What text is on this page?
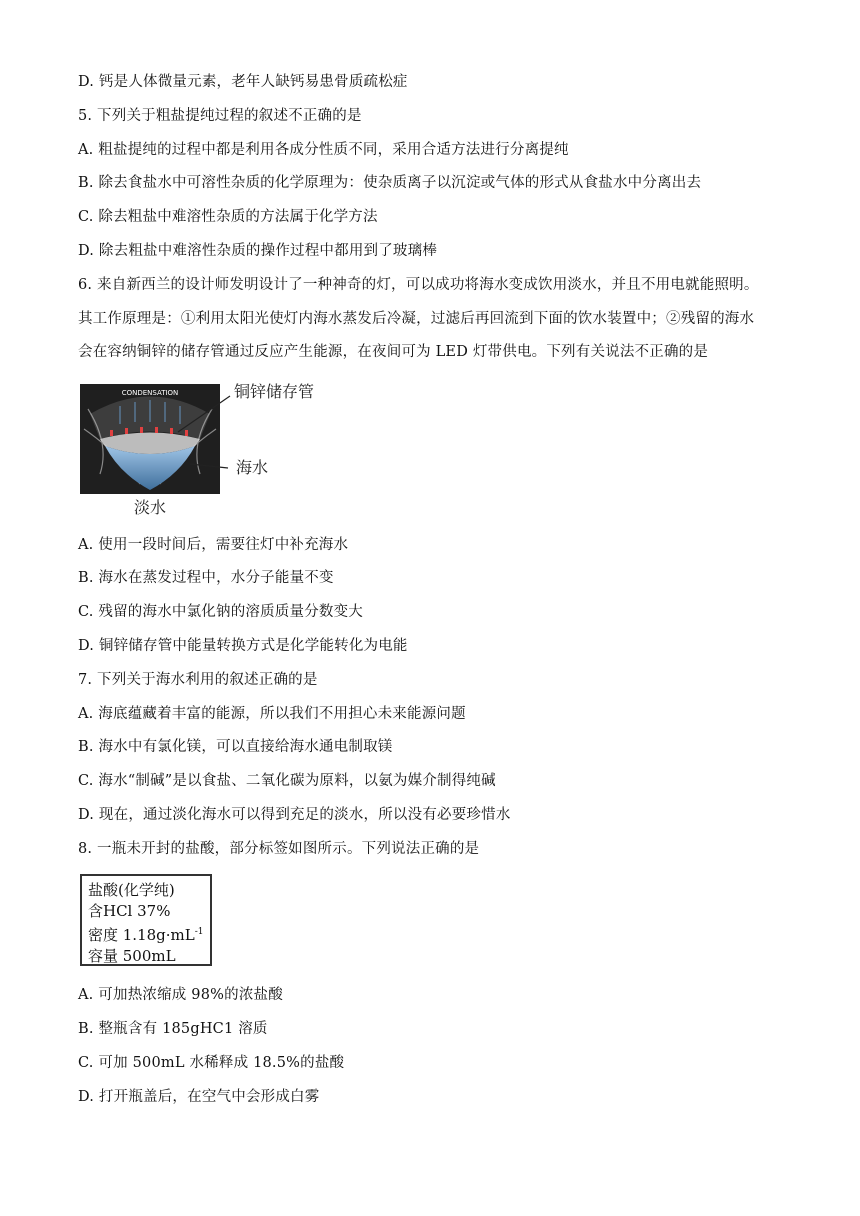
D. 钙是人体微量元素，老年人缺钙易患骨质疏松症
5. 下列关于粗盐提纯过程的叙述不正确的是
A. 粗盐提纯的过程中都是利用各成分性质不同，采用合适方法进行分离提纯
B. 除去食盐水中可溶性杂质的化学原理为：使杂质离子以沉淀或气体的形式从食盐水中分离出去
C. 除去粗盐中难溶性杂质的方法属于化学方法
D. 除去粗盐中难溶性杂质的操作过程中都用到了玻璃棒
6. 来自新西兰的设计师发明设计了一种神奇的灯，可以成功将海水变成饮用淡水，并且不用电就能照明。
其工作原理是：①利用太阳光使灯内海水蒸发后冷凝，过滤后再回流到下面的饮水装置中；②残留的海水
会在容纳铜锌的储存管通过反应产生能源，在夜间可为 LED 灯带供电。下列有关说法不正确的是
CONDENSATION	铜锌储存管
海水
淡水
A. 使用一段时间后，需要往灯中补充海水
B. 海水在蒸发过程中，水分子能量不变
C. 残留的海水中氯化钠的溶质质量分数变大
D. 铜锌储存管中能量转换方式是化学能转化为电能
7. 下列关于海水利用的叙述正确的是
A. 海底蕴藏着丰富的能源，所以我们不用担心未来能源问题
B. 海水中有氯化镁，可以直接给海水通电制取镁
C. 海水“制碱”是以食盐、二氧化碳为原料，以氨为媒介制得纯碱
D. 现在，通过淡化海水可以得到充足的淡水，所以没有必要珍惜水
8. 一瓶未开封的盐酸，部分标签如图所示。下列说法正确的是
盐酸(化学纯)
含HCl 37%
密度 $1.18g\cdot mL^{-1}$
容量 500mL
A. 可加热浓缩成 98%的浓盐酸
B. 整瓶含有 185gHC1 溶质
C. 可加 500mL 水稀释成 18.5%的盐酸
D. 打开瓶盖后，在空气中会形成白雾
